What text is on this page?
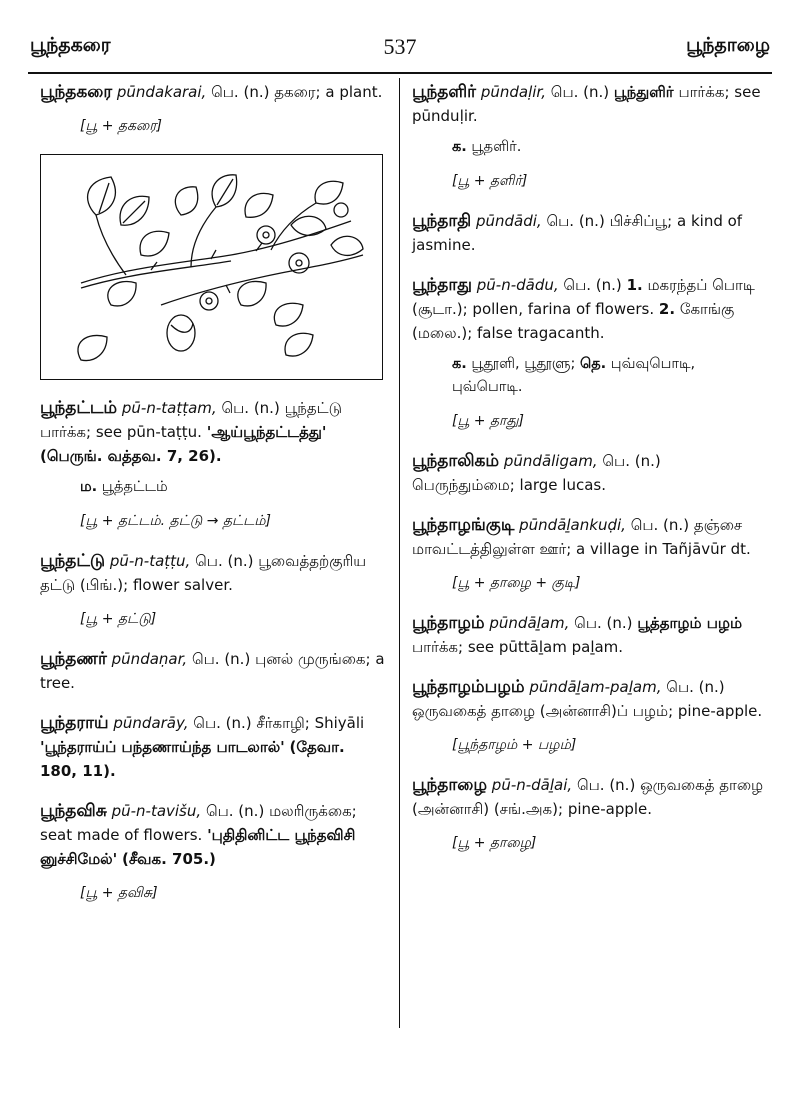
பூந்தகரை	537	பூந்தாழை
பூந்தகரை pūndakarai, பெ. (n.) தகரை; a plant.
[பூ + தகரை]
பூந்தட்டம் pū-n-taṭṭam, பெ. (n.) பூந்தட்டு பார்க்க; see pūn-taṭṭu. 'ஆய்பூந்தட்டத்து' (பெருங். வத்தவ. 7, 26).
ம. பூத்தட்டம்
[பூ + தட்டம். தட்டு → தட்டம்]
பூந்தட்டு pū-n-taṭṭu, பெ. (n.) பூவைத்தற்குரிய தட்டு (பிங்.); flower salver.
[பூ + தட்டு]
பூந்தணர் pūndaṇar, பெ. (n.) புனல் முருங்கை; a tree.
பூந்தராய் pūndarāy, பெ. (n.) சீர்காழி; Shiyāli 'பூந்தராய்ப் பந்தணாய்ந்த பாடலால்' (தேவா. 180, 11).
பூந்தவிசு pū-n-tavišu, பெ. (n.) மலரிருக்கை; seat made of flowers. 'புதிதினிட்ட பூந்தவிசி னுச்சிமேல்' (சீவக. 705.)
[பூ + தவிசு]
பூந்தளிர் pūndaḷir, பெ. (n.) பூந்துளிர் பார்க்க; see pūnduḷir.
க. பூதளிர்.
[பூ + தளிர்]
பூந்தாதி pūndādi, பெ. (n.) பிச்சிப்பூ; a kind of jasmine.
பூந்தாது pū-n-dādu, பெ. (n.) 1. மகரந்தப் பொடி (சூடா.); pollen, farina of flowers. 2. கோங்கு (மலை.); false tragacanth.
க. பூதூளி, பூதூளு; தெ. புவ்வுபொடி, புவ்பொடி.
[பூ + தாது]
பூந்தாலிகம் pūndāligam, பெ. (n.) பெருந்தும்மை; large lucas.
பூந்தாழங்குடி pūndāḻankuḍi, பெ. (n.) தஞ்சை மாவட்டத்திலுள்ள ஊர்; a village in Tañjāvūr dt.
[பூ + தாழை + குடி]
பூந்தாழம் pūndāḻam, பெ. (n.) பூத்தாழம் பழம் பார்க்க; see pūttāḻam paḻam.
பூந்தாழம்பழம் pūndāḻam-paḻam, பெ. (n.) ஒருவகைத் தாழை (அன்னாசி)ப் பழம்; pine-apple.
[பூந்தாழம் + பழம்]
பூந்தாழை pū-n-dāḻai, பெ. (n.) ஒருவகைத் தாழை (அன்னாசி) (சங்.அக); pine-apple.
[பூ + தாழை]
